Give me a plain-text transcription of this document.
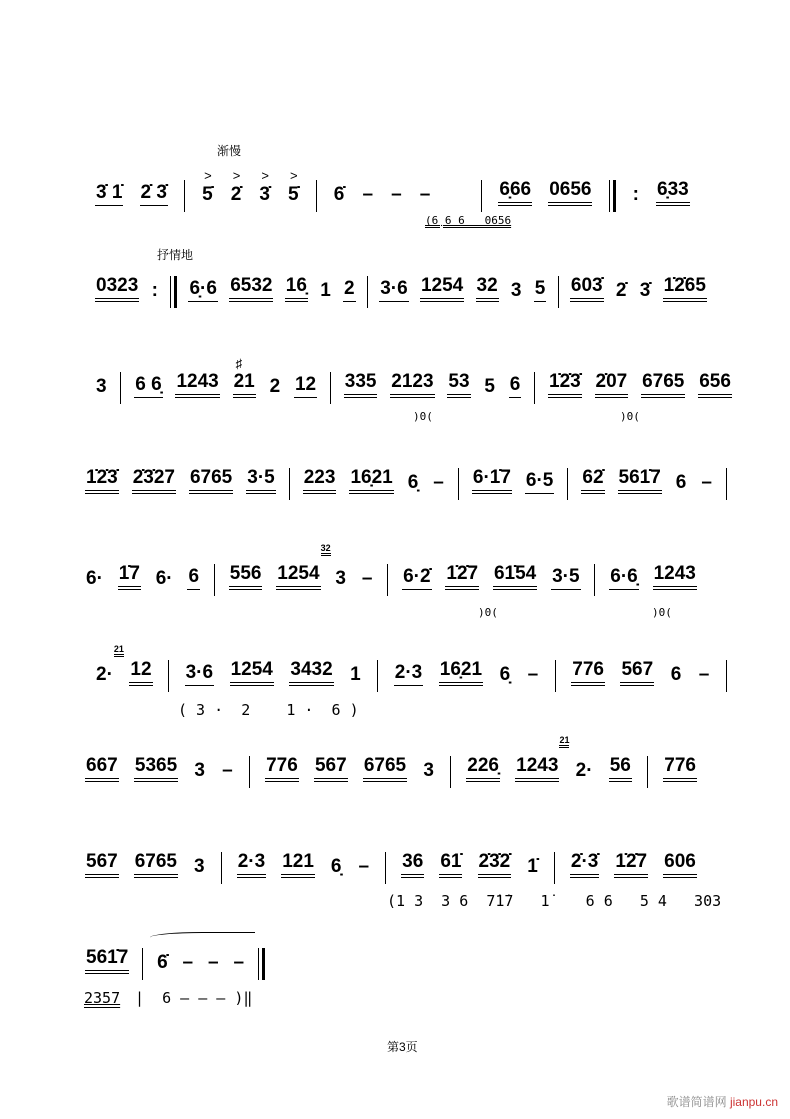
渐慢
抒情地
3̇ 1̇ 2̇ 3̇ 5̇
>
2̇
>
3̇
>
5̇
>
6̇ – – –
	6̣66 0656 : 6̣33
0323 : 6̣·6 6532 16̣ 1 2 3·6 1254 32 3 5 603̇ 2̇ 3̇ 1̇2̇65
3 6 6̣ 1243 21
♯
2 12 335 2123 53 5 6 1̇2̇3̇ 2̇07 6765 656
1̇2̇3̇ 2̇3̇27 6765 3·5 223 16̣21 6̣ – 6·1̇7 6·5 62̇ 561̇7 6 –
6· 1̇7 6· 6 556 1254
32
3 – 6·2̇ 1̇2̇7 61̇54 3·5 6·6̣ 1243
2·
21
12 3·6 1254 3432 1 2·3 16̣21 6̣ – 776 567 6 –
667 5365 3 – 776 567 6765 3 226̣ 1243
21
2· 56 776
567 6765 3 2·3 121 6̣ – 36 61̇ 2̇3̇2̇ 1̇ 2̇·3̇ 1̇2̇7 606
561̇7 6̇ – – –
(6̣ 6 6   0656
)0(	)0(
)0(	)0(
( 3 ·  2    1 ·  6 )
(1 3  3 6  7̇1̇7   1̇    6 6   5 4   303
2357 |  6 — — — )‖
第3页
歌谱简谱网 jianpu.cn
